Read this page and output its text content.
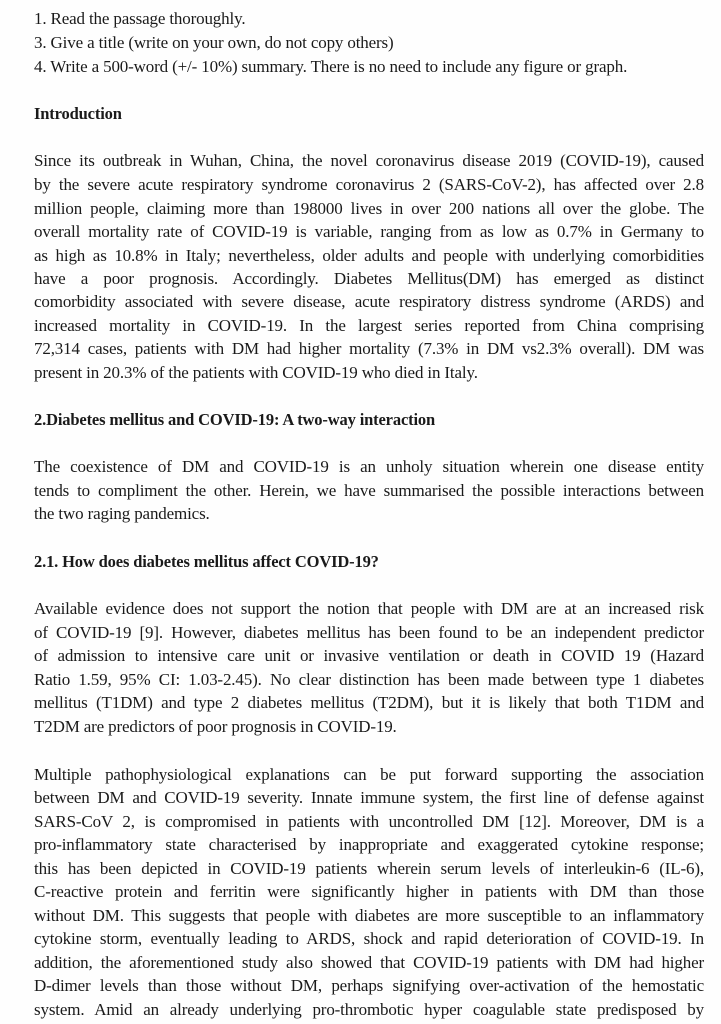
1. Read the passage thoroughly.
3. Give a title (write on your own, do not copy others)
4. Write a 500-word (+/- 10%) summary. There is no need to include any figure or graph.
Introduction
Since its outbreak in Wuhan, China, the novel coronavirus disease 2019 (COVID-19), caused
by the severe acute respiratory syndrome coronavirus 2 (SARS-CoV-2), has affected over 2.8
million people, claiming more than 198000 lives in over 200 nations all over the globe. The
overall mortality rate of COVID-19 is variable, ranging from as low as 0.7% in Germany to
as high as 10.8% in Italy; nevertheless, older adults and people with underlying comorbidities
have a poor prognosis. Accordingly. Diabetes Mellitus(DM) has emerged as distinct
comorbidity associated with severe disease, acute respiratory distress syndrome (ARDS) and
increased mortality in COVID-19. In the largest series reported from China comprising
72,314 cases, patients with DM had higher mortality (7.3% in DM vs2.3% overall). DM was
present in 20.3% of the patients with COVID-19 who died in Italy.
2.Diabetes mellitus and COVID-19: A two-way interaction
The coexistence of DM and COVID-19 is an unholy situation wherein one disease entity
tends to compliment the other. Herein, we have summarised the possible interactions between
the two raging pandemics.
2.1. How does diabetes mellitus affect COVID-19?
Available evidence does not support the notion that people with DM are at an increased risk
of COVID-19 [9]. However, diabetes mellitus has been found to be an independent predictor
of admission to intensive care unit or invasive ventilation or death in COVID 19 (Hazard
Ratio 1.59, 95% CI: 1.03-2.45). No clear distinction has been made between type 1 diabetes
mellitus (T1DM) and type 2 diabetes mellitus (T2DM), but it is likely that both T1DM and
T2DM are predictors of poor prognosis in COVID-19.
Multiple pathophysiological explanations can be put forward supporting the association
between DM and COVID-19 severity. Innate immune system, the first line of defense against
SARS-CoV 2, is compromised in patients with uncontrolled DM [12]. Moreover, DM is a
pro-inflammatory state characterised by inappropriate and exaggerated cytokine response;
this has been depicted in COVID-19 patients wherein serum levels of interleukin-6 (IL-6),
C-reactive protein and ferritin were significantly higher in patients with DM than those
without DM. This suggests that people with diabetes are more susceptible to an inflammatory
cytokine storm, eventually leading to ARDS, shock and rapid deterioration of COVID-19. In
addition, the aforementioned study also showed that COVID-19 patients with DM had higher
D-dimer levels than those without DM, perhaps signifying over-activation of the hemostatic
system. Amid an already underlying pro-thrombotic hyper coagulable state predisposed by
